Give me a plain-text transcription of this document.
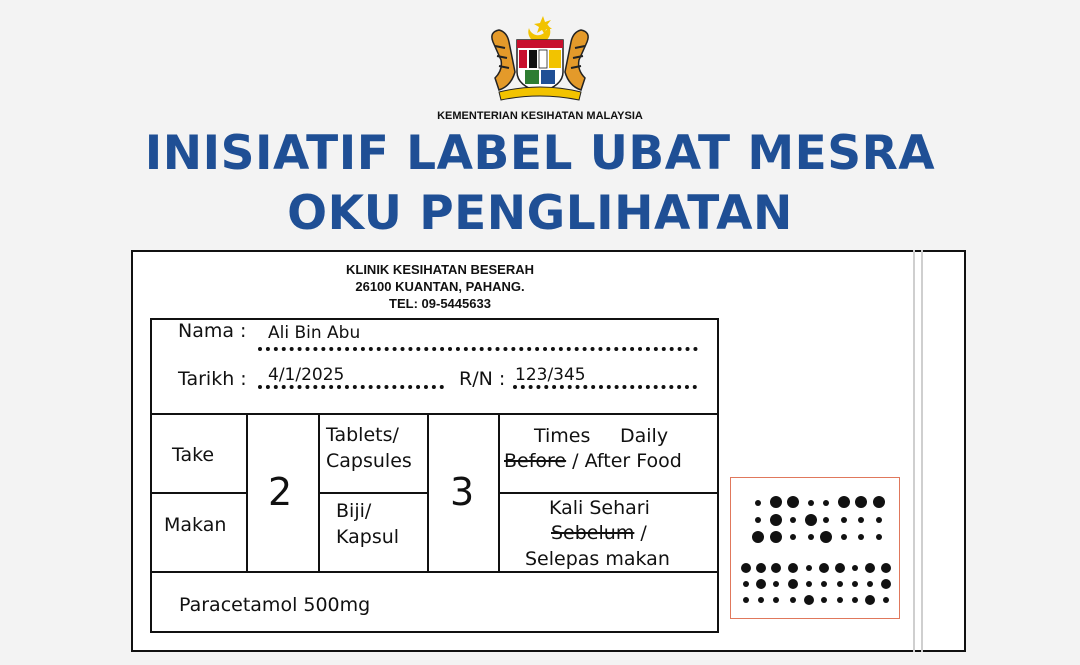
KEMENTERIAN KESIHATAN MALAYSIA
INISIATIF LABEL UBAT MESRA
OKU PENGLIHATAN
KLINIK KESIHATAN BESERAH
26100 KUANTAN, PAHANG.
TEL: 09-5445633
Nama : Ali Bin Abu
Tarikh : 4/1/2025	R/N : 123/345
Take
Makan
2
Tablets/
Capsules
Biji/
Kapsul
3
Times Daily
Before / After Food
Kali Sehari
Sebelum /
Selepas makan
Paracetamol 500mg
